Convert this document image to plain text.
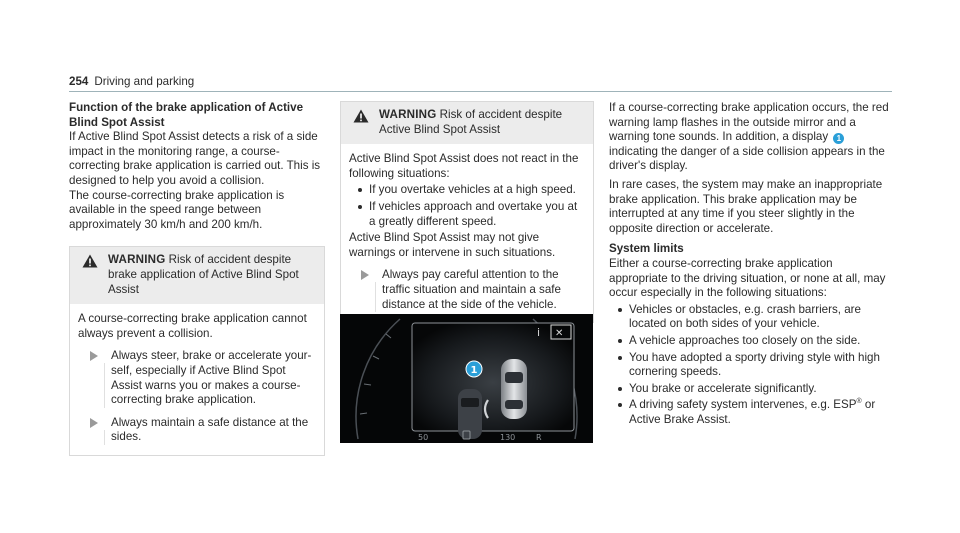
254 Driving and parking
Function of the brake application of Active Blind Spot Assist

If Active Blind Spot Assist detects a risk of a side impact in the monitoring range, a course-correcting brake application is carried out. This is designed to help you avoid a collision.

The course-correcting brake application is available in the speed range between approximately 30 km/h and 200 km/h.

WARNING Risk of accident despite brake application of Active Blind Spot Assist

A course-correcting brake application cannot always prevent a collision.

Always steer, brake or accelerate your-self, especially if Active Blind Spot Assist warns you or makes a course-correcting brake application.
Always maintain a safe distance at the sides.
WARNING Risk of accident despite Active Blind Spot Assist

Active Blind Spot Assist does not react in the following situations:

If you overtake vehicles at a high speed.
If vehicles approach and overtake you at a greatly different speed.

Active Blind Spot Assist may not give warnings or intervene in such situations.

Always pay careful attention to the traffic situation and maintain a safe distance at the side of the vehicle.
i ✕
1
50	130	R

If a course-correcting brake application occurs, the red warning lamp flashes in the outside mirror and a warning tone sounds. In addition, a display 1 indicating the danger of a side collision appears in the driver's display.

In rare cases, the system may make an inappropriate brake application. This brake application may be interrupted at any time if you steer slightly in the opposite direction or accelerate.

System limits

Either a course-correcting brake application appropriate to the driving situation, or none at all, may occur especially in the following situations:

Vehicles or obstacles, e.g. crash barriers, are located on both sides of your vehicle.
A vehicle approaches too closely on the side.
You have adopted a sporty driving style with high cornering speeds.
You brake or accelerate significantly.
A driving safety system intervenes, e.g. ESP® or Active Brake Assist.
